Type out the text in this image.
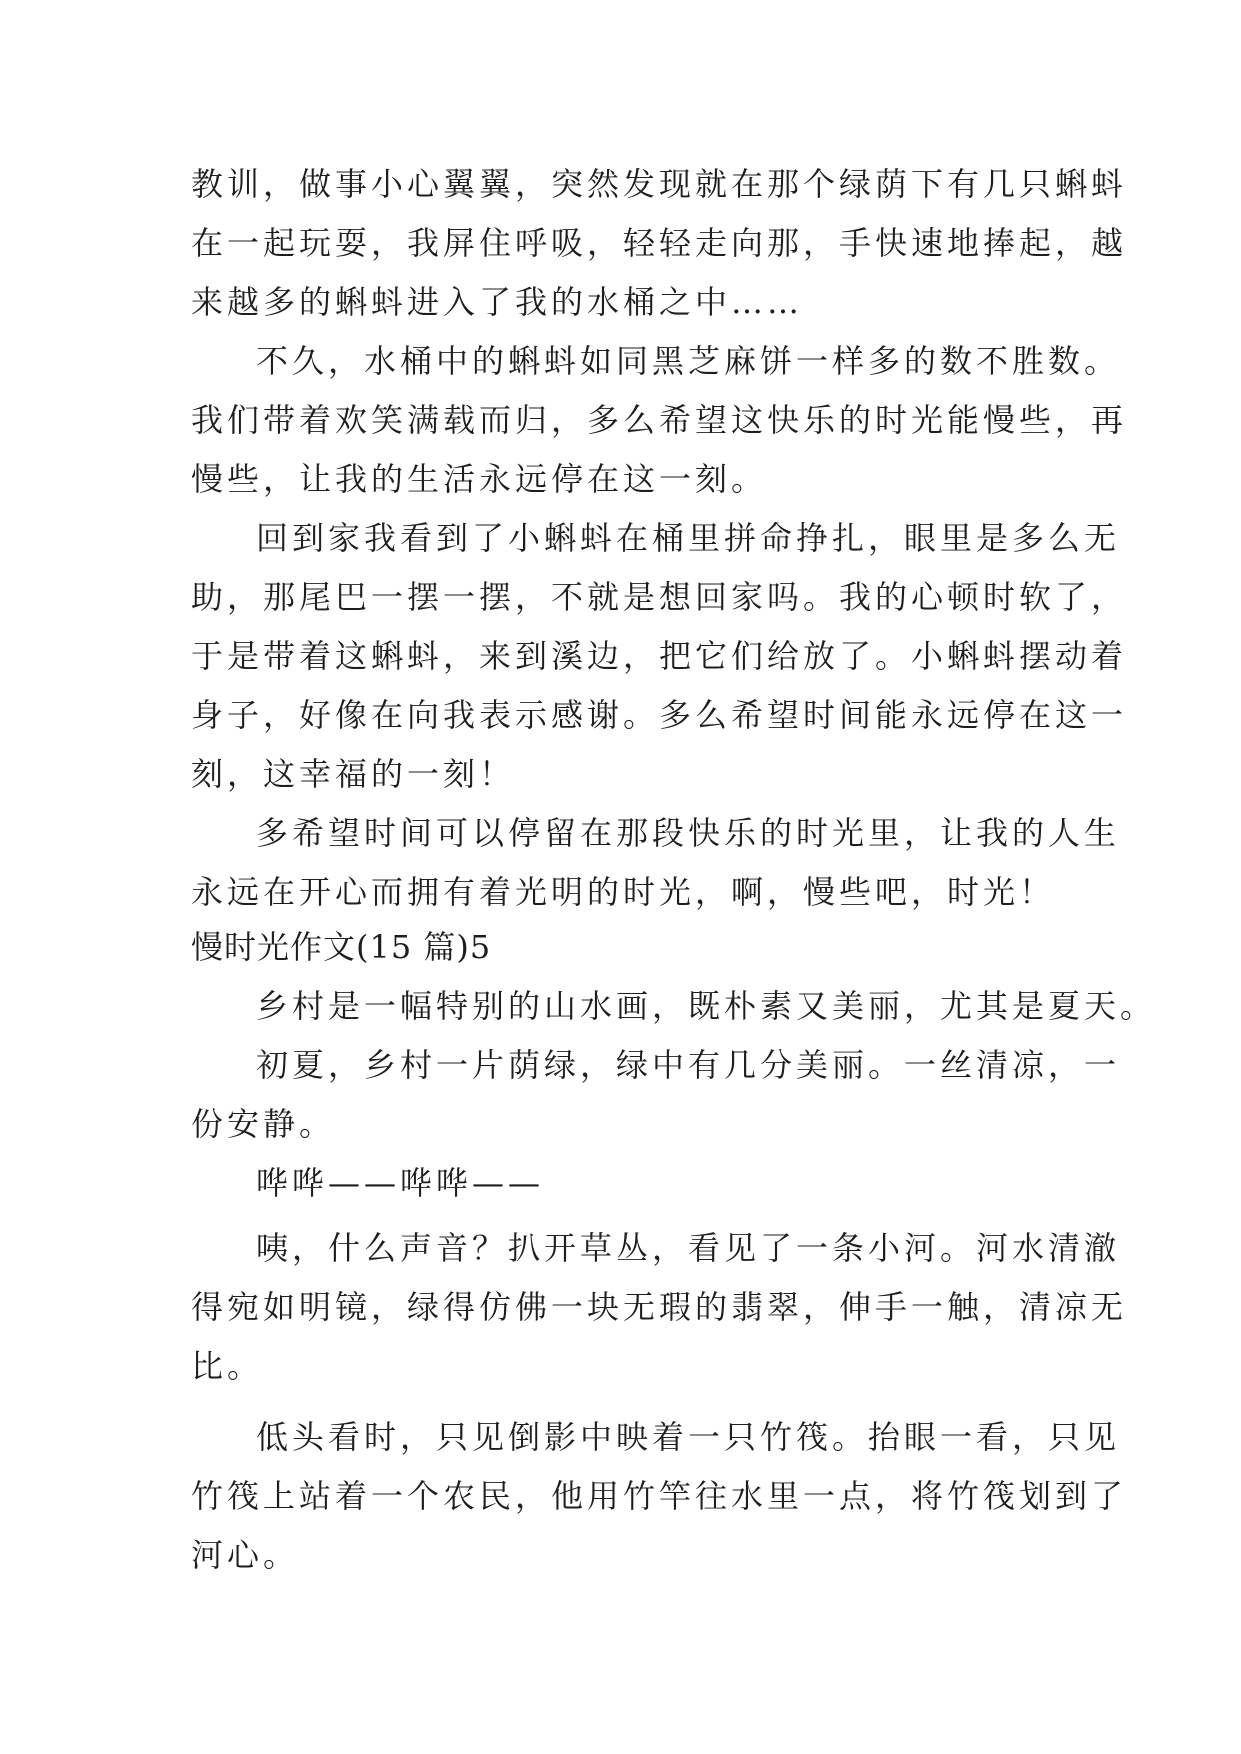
教训，做事小心翼翼，突然发现就在那个绿荫下有几只蝌蚪
在一起玩耍，我屏住呼吸，轻轻走向那，手快速地捧起，越
来越多的蝌蚪进入了我的水桶之中……
不久，水桶中的蝌蚪如同黑芝麻饼一样多的数不胜数。
我们带着欢笑满载而归，多么希望这快乐的时光能慢些，再
慢些，让我的生活永远停在这一刻。
回到家我看到了小蝌蚪在桶里拼命挣扎，眼里是多么无
助，那尾巴一摆一摆，不就是想回家吗。我的心顿时软了，
于是带着这蝌蚪，来到溪边，把它们给放了。小蝌蚪摆动着
身子，好像在向我表示感谢。多么希望时间能永远停在这一
刻，这幸福的一刻！
多希望时间可以停留在那段快乐的时光里，让我的人生
永远在开心而拥有着光明的时光，啊，慢些吧，时光！
慢时光作文(15 篇)5
乡村是一幅特别的山水画，既朴素又美丽，尤其是夏天。
初夏，乡村一片荫绿，绿中有几分美丽。一丝清凉，一
份安静。
哗哗——哗哗——
咦，什么声音？扒开草丛，看见了一条小河。河水清澈
得宛如明镜，绿得仿佛一块无瑕的翡翠，伸手一触，清凉无
比。
低头看时，只见倒影中映着一只竹筏。抬眼一看，只见
竹筏上站着一个农民，他用竹竿往水里一点，将竹筏划到了
河心。
